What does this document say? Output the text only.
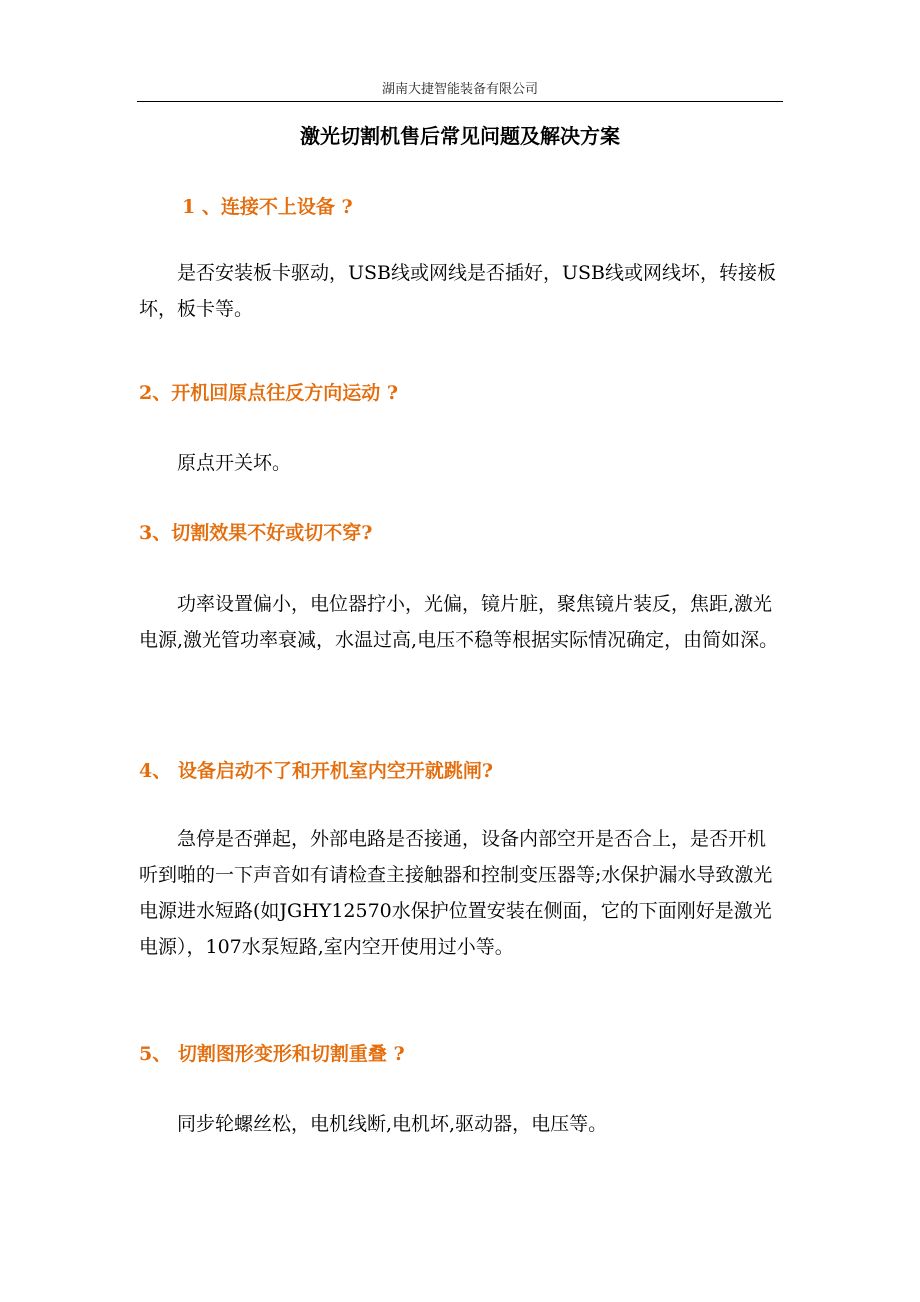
湖南大捷智能装备有限公司
激光切割机售后常见问题及解决方案
1 、连接不上设备 ?

是否安装板卡驱动，USB线或网线是否插好，USB线或网线坏，转接板坏，板卡等。

2、开机回原点往反方向运动 ?

原点开关坏。

3、切割效果不好或切不穿?

功率设置偏小，电位器拧小，光偏，镜片脏，聚焦镜片装反，焦距,激光电源,激光管功率衰减，水温过高,电压不稳等根据实际情况确定，由简如深。

4、 设备启动不了和开机室内空开就跳闸?

急停是否弹起，外部电路是否接通，设备内部空开是否合上，是否开机听到啪的一下声音如有请检查主接触器和控制变压器等;水保护漏水导致激光电源进水短路(如JGHY12570水保护位置安装在侧面，它的下面刚好是激光电源），107水泵短路,室内空开使用过小等。

5、 切割图形变形和切割重叠 ?

同步轮螺丝松，电机线断,电机坏,驱动器，电压等。
